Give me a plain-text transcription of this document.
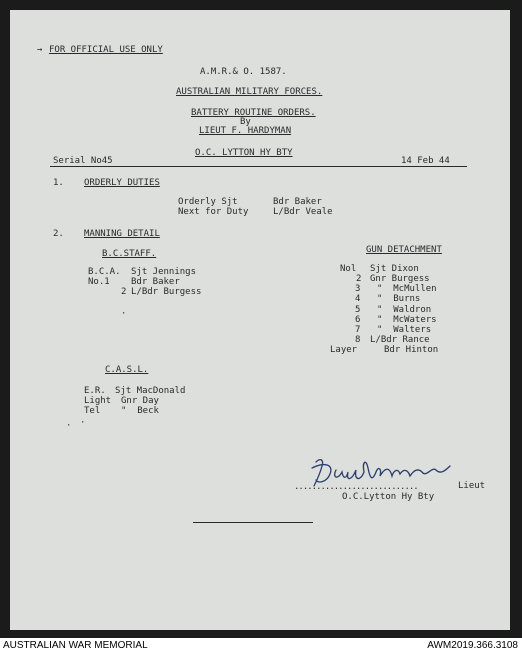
→ FOR OFFICIAL USE ONLY
A.M.R.& O. 1587.
AUSTRALIAN MILITARY FORCES.
BATTERY ROUTINE ORDERS.
By
LIEUT F. HARDYMAN
O.C. LYTTON HY BTY
Serial No45	14 Feb 44
1. ORDERLY DUTIES
Orderly Sjt	Bdr Baker
Next for Duty	L/Bdr Veale
2. MANNING DETAIL
B.C.STAFF.
B.C.A. Sjt Jennings
No.1 Bdr Baker
2 L/Bdr Burgess
GUN DETACHMENT
Nol Sjt Dixon
2 Gnr Burgess
3 "  McMullen
4 "  Burns
5 "  Waldron
6 "  McWaters
7 "  Walters
8 L/Bdr Rance
Layer	Bdr Hinton
C.A.S.L.
E.R. Sjt MacDonald
Light Gnr Day
Tel "  Beck
............................	Lieut
O.C.Lytton Hy Bty
·
· ·
AUSTRALIAN WAR MEMORIAL	AWM2019.366.3108
